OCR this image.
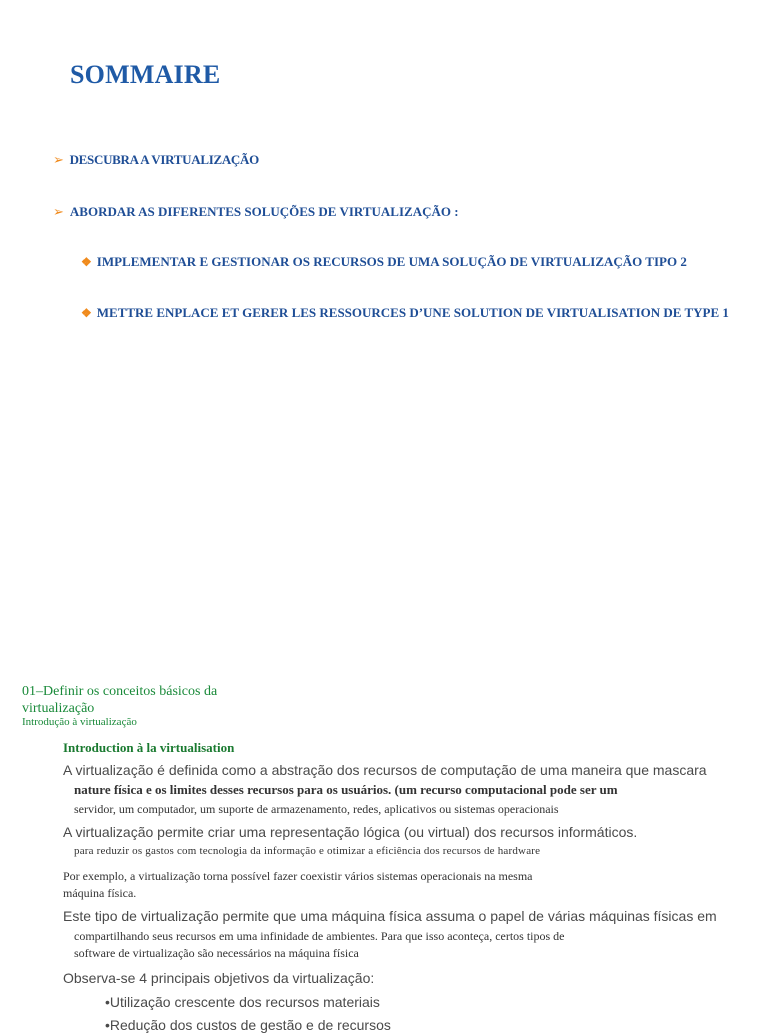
SOMMAIRE
➢ DESCUBRA A VIRTUALIZAÇÃO
➢ ABORDAR AS DIFERENTES SOLUÇÕES DE VIRTUALIZAÇÃO :
❖ IMPLEMENTAR E GESTIONAR OS RECURSOS DE UMA SOLUÇÃO DE VIRTUALIZAÇÃO TIPO 2
❖ METTRE ENPLACE ET GERER LES RESSOURCES D’UNE SOLUTION DE VIRTUALISATION DE TYPE 1
01–Definir os conceitos básicos da virtualização
Introdução à virtualização
Introduction à la virtualisation
A virtualização é definida como a abstração dos recursos de computação de uma maneira que mascara
nature física e os limites desses recursos para os usuários. (um recurso computacional pode ser um
servidor, um computador, um suporte de armazenamento, redes, aplicativos ou sistemas operacionais
A virtualização permite criar uma representação lógica (ou virtual) dos recursos informáticos.
para reduzir os gastos com tecnologia da informação e otimizar a eficiência dos recursos de hardware
Por exemplo, a virtualização torna possível fazer coexistir vários sistemas operacionais na mesma
máquina física.
Este tipo de virtualização permite que uma máquina física assuma o papel de várias máquinas físicas em
compartilhando seus recursos em uma infinidade de ambientes. Para que isso aconteça, certos tipos de
software de virtualização são necessários na máquina física
Observa-se 4 principais objetivos da virtualização:
•Utilização crescente dos recursos materiais
•Redução dos custos de gestão e de recursos
